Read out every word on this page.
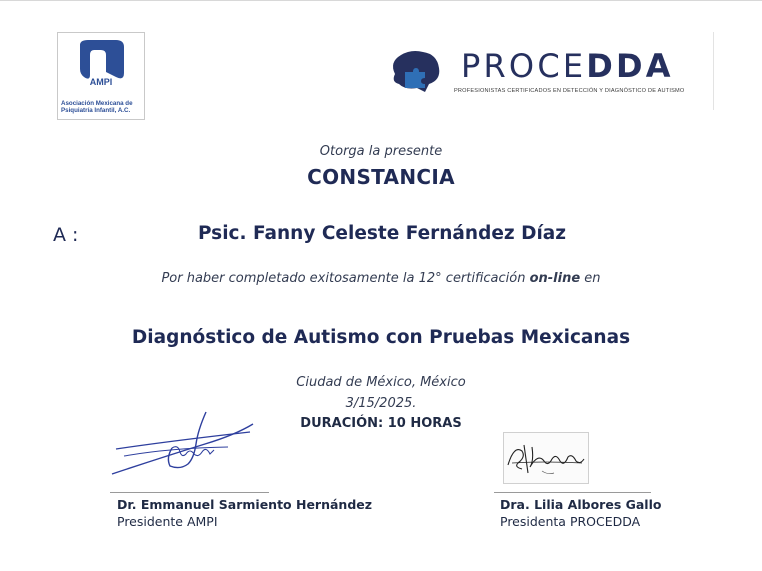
AMPI
Asociación Mexicana de Psiquiatría Infantil, A.C.
PROCEDDA
PROFESIONISTAS CERTIFICADOS EN DETECCIÓN Y DIAGNÓSTICO DE AUTISMO
Otorga la presente
CONSTANCIA
A :	Psic. Fanny Celeste Fernández Díaz
Por haber completado exitosamente la 12° certificación on-line en
Diagnóstico de Autismo con Pruebas Mexicanas
Ciudad de México, México
3/15/2025.
DURACIÓN: 10 HORAS
Dr. Emmanuel Sarmiento Hernández
Presidente AMPI
Dra. Lilia Albores Gallo
Presidenta PROCEDDA
